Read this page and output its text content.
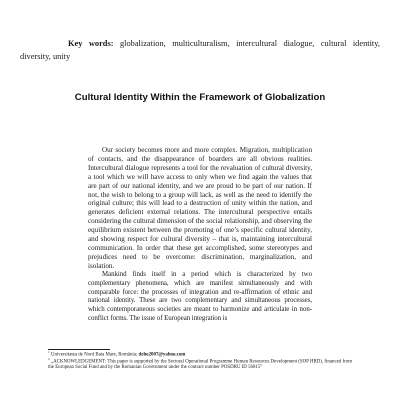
Key words: globalization, multiculturalism, intercultural dialogue, cultural identity, diversity, unity
Cultural Identity Within the Framework of Globalization

Our society becomes more and more complex. Migration, multiplication of contacts, and the disappearance of boarders are all obvious realities. Intercultural dialogue represents a tool for the revaluation of cultural diversity, a tool which we will have access to only when we find again the values that are part of our national identity, and we are proud to be part of our nation. If not, the wish to belong to a group will lack, as well as the need to identify the original culture; this will lead to a destruction of unity within the nation, and generates deficient external relations. The intercultural perspective entails considering the cultural dimension of the social relationship, and observing the equilibrium existent between the promoting of one’s specific cultural identity, and showing respect for cultural diversity – that is, maintaining intercultural communication. In order that these get accomplished, some stereotypes and prejudices need to be overcome: discrimination, marginalization, and isolation.

Mankind finds itself in a period which is characterized by two complementary phenomena, which are manifest simultaneously and with comparable force: the processes of integration and re-affirmation of ethnic and national identity. These are two complementary and simultaneous processes, which contemporaneous societies are meant to harmonize and articulate in non-conflict forms. The issue of European integration is

$^1$ Universitatea de Nord Baia Mare, România; deho2007@yahoo.com

$^2$ „ACKNOWLEDGEMENT: This paper is supported by the Sectoral Operational Programme Human Resources Development (SOP HRD), financed from the European Social Fund and by the Romanian Government under the contract number POSDRU ID 56815”
